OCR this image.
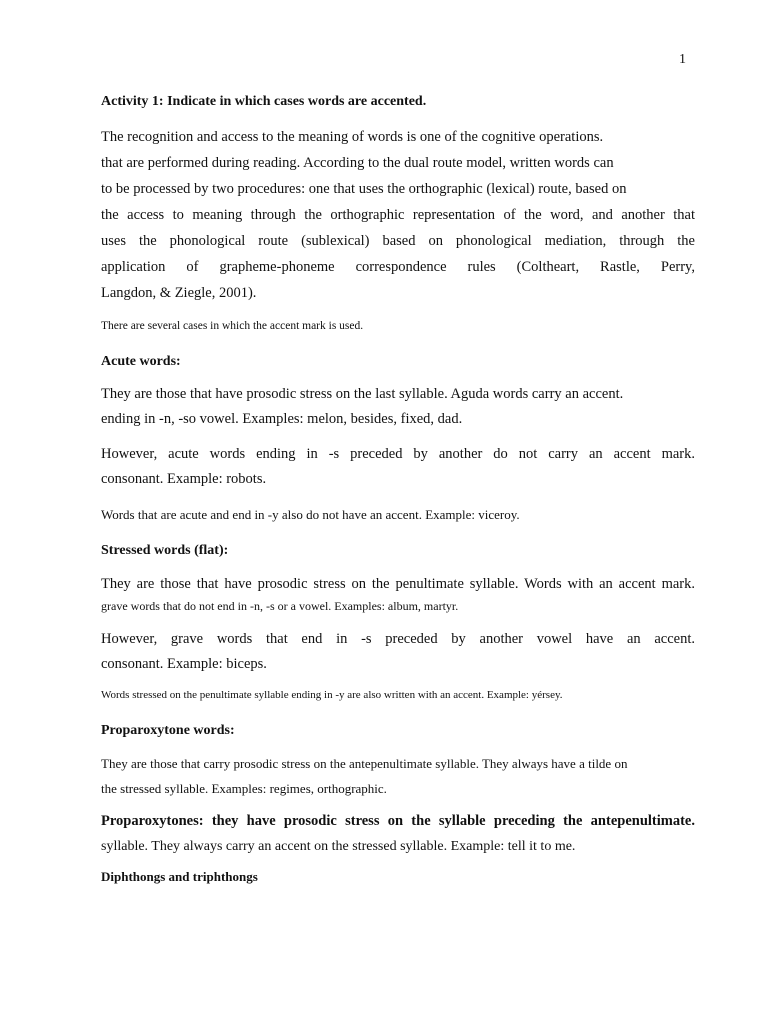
1

Activity 1: Indicate in which cases words are accented.

The recognition and access to the meaning of words is one of the cognitive operations.
that are performed during reading. According to the dual route model, written words can
to be processed by two procedures: one that uses the orthographic (lexical) route, based on
the access to meaning through the orthographic representation of the word, and another that
uses the phonological route (sublexical) based on phonological mediation, through the
application of grapheme-phoneme correspondence rules (Coltheart, Rastle, Perry,
Langdon, & Ziegle, 2001).

There are several cases in which the accent mark is used.

Acute words:

They are those that have prosodic stress on the last syllable. Aguda words carry an accent.
ending in -n, -so vowel. Examples: melon, besides, fixed, dad.

However, acute words ending in -s preceded by another do not carry an accent mark.
consonant. Example: robots.

Words that are acute and end in -y also do not have an accent. Example: viceroy.

Stressed words (flat):

They are those that have prosodic stress on the penultimate syllable. Words with an accent mark.
grave words that do not end in -n, -s or a vowel. Examples: album, martyr.

However, grave words that end in -s preceded by another vowel have an accent.
consonant. Example: biceps.

Words stressed on the penultimate syllable ending in -y are also written with an accent. Example: yérsey.

Proparoxytone words:

They are those that carry prosodic stress on the antepenultimate syllable. They always have a tilde on
the stressed syllable. Examples: regimes, orthographic.

Proparoxytones: they have prosodic stress on the syllable preceding the antepenultimate.
syllable. They always carry an accent on the stressed syllable. Example: tell it to me.

Diphthongs and triphthongs
